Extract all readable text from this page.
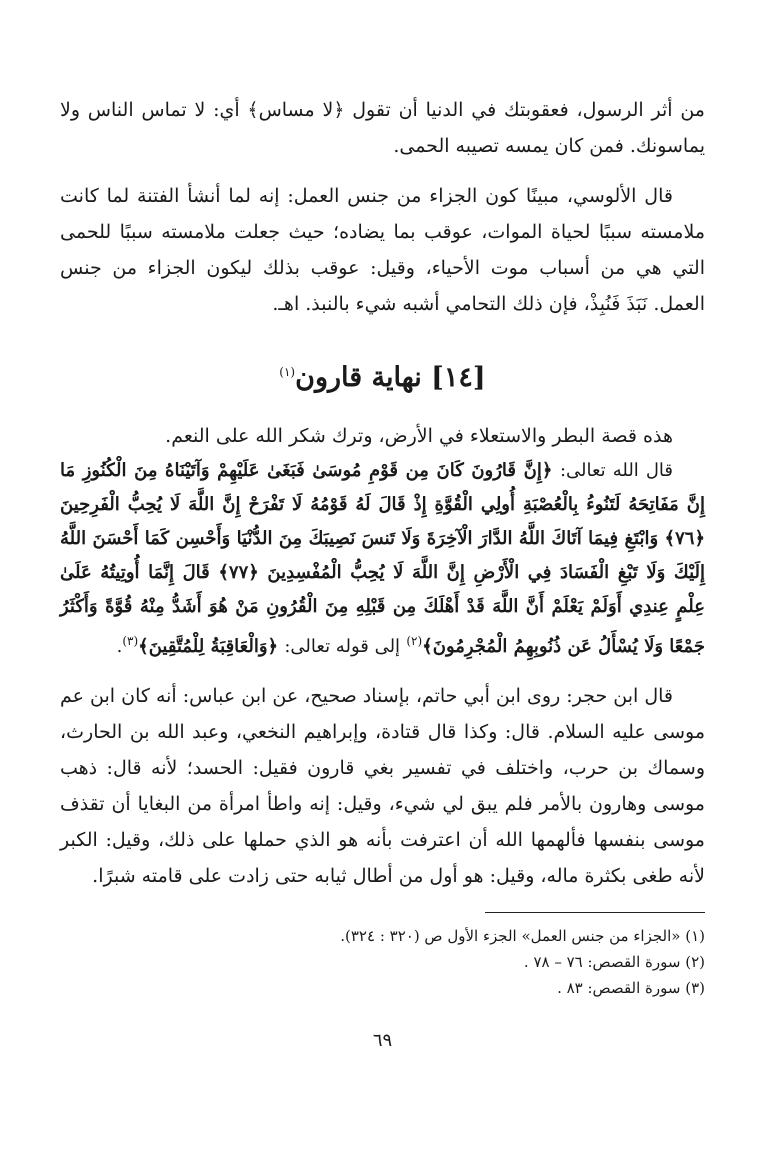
من أثر الرسول، فعقوبتك في الدنيا أن تقول ﴿لا مساس﴾ أي: لا تماس الناس ولا يماسونك. فمن كان يمسه تصيبه الحمى.

قال الألوسي، مبينًا كون الجزاء من جنس العمل: إنه لما أنشأ الفتنة لما كانت ملامسته سببًا لحياة الموات، عوقب بما يضاده؛ حيث جعلت ملامسته سببًا للحمى التي هي من أسباب موت الأحياء، وقيل: عوقب بذلك ليكون الجزاء من جنس العمل. نَبَذَ فَنُبِذْ، فإن ذلك التحامي أشبه شيء بالنبذ. اهـ.

[١٤] نهاية قارون$^{(١)}$

هذه قصة البطر والاستعلاء في الأرض، وترك شكر الله على النعم.

قال الله تعالى: ﴿إِنَّ قَارُونَ كَانَ مِن قَوْمِ مُوسَىٰ فَبَغَىٰ عَلَيْهِمْ وَآتَيْنَاهُ مِنَ الْكُنُوزِ مَا إِنَّ مَفَاتِحَهُ لَتَنُوءُ بِالْعُصْبَةِ أُولِي الْقُوَّةِ إِذْ قَالَ لَهُ قَوْمُهُ لَا تَفْرَحْ إِنَّ اللَّهَ لَا يُحِبُّ الْفَرِحِينَ ﴿٧٦﴾ وَابْتَغِ فِيمَا آتَاكَ اللَّهُ الدَّارَ الْآخِرَةَ وَلَا تَنسَ نَصِيبَكَ مِنَ الدُّنْيَا وَأَحْسِن كَمَا أَحْسَنَ اللَّهُ إِلَيْكَ وَلَا تَبْغِ الْفَسَادَ فِي الْأَرْضِ إِنَّ اللَّهَ لَا يُحِبُّ الْمُفْسِدِينَ ﴿٧٧﴾ قَالَ إِنَّمَا أُوتِيتُهُ عَلَىٰ عِلْمٍ عِندِي أَوَلَمْ يَعْلَمْ أَنَّ اللَّهَ قَدْ أَهْلَكَ مِن قَبْلِهِ مِنَ الْقُرُونِ مَنْ هُوَ أَشَدُّ مِنْهُ قُوَّةً وَأَكْثَرُ جَمْعًا وَلَا يُسْأَلُ عَن ذُنُوبِهِمُ الْمُجْرِمُونَ﴾$^{(٢)}$ إلى قوله تعالى: ﴿وَالْعَاقِبَةُ لِلْمُتَّقِينَ﴾$^{(٣)}$.

قال ابن حجر: روى ابن أبي حاتم، بإسناد صحيح، عن ابن عباس: أنه كان ابن عم موسى عليه السلام. قال: وكذا قال قتادة، وإبراهيم النخعي، وعبد الله بن الحارث، وسماك بن حرب، واختلف في تفسير بغي قارون فقيل: الحسد؛ لأنه قال: ذهب موسى وهارون بالأمر فلم يبق لي شيء، وقيل: إنه واطأ امرأة من البغايا أن تقذف موسى بنفسها فألهمها الله أن اعترفت بأنه هو الذي حملها على ذلك، وقيل: الكبر لأنه طغى بكثرة ماله، وقيل: هو أول من أطال ثيابه حتى زادت على قامته شبرًا.

(١) «الجزاء من جنس العمل» الجزء الأول ص (٣٢٠ : ٣٢٤).

(٢) سورة القصص: ٧٦ – ٧٨ .

(٣) سورة القصص: ٨٣ .

٦٩
